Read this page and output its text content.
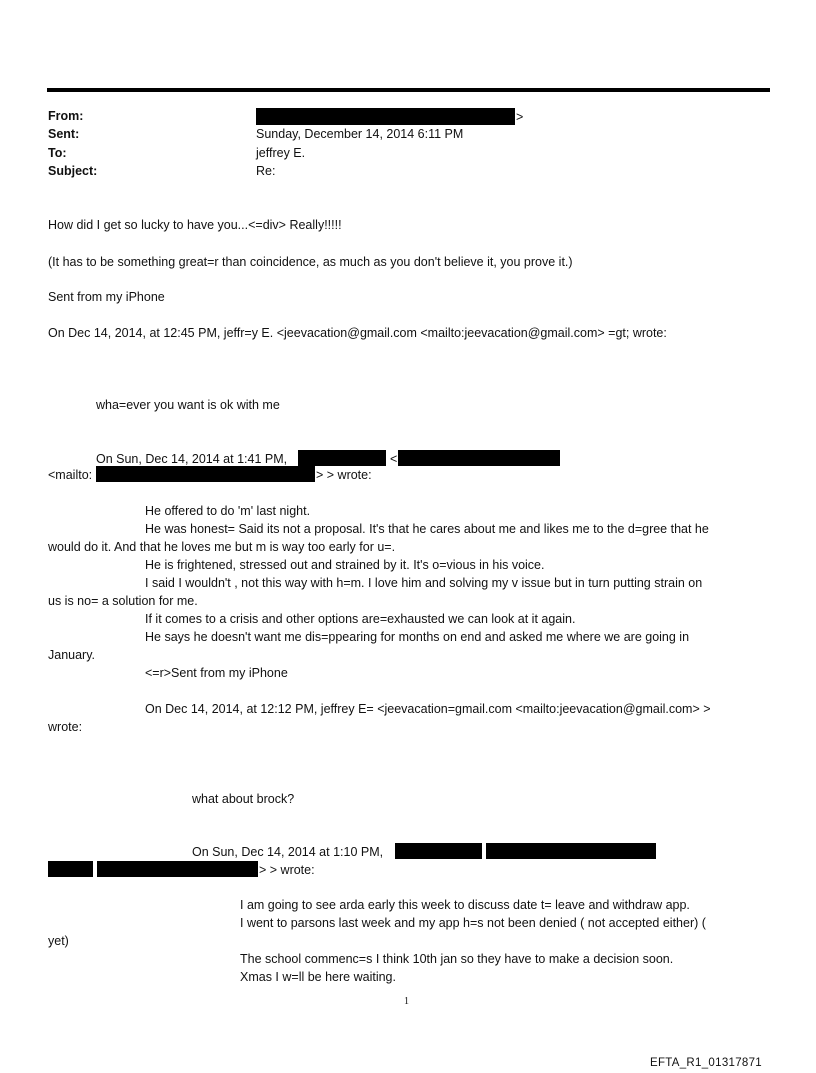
From:	>
Sent:	Sunday, December 14, 2014 6:11 PM
To:	jeffrey E.
Subject:	Re:
How did I get so lucky to have you...<=div> Really!!!!!
(It has to be something great=r than coincidence, as much as you don't believe it, you prove it.)
Sent from my iPhone
On Dec 14, 2014, at 12:45 PM, jeffr=y E. <jeevacation@gmail.com <mailto:jeevacation@gmail.com> =gt; wrote:
wha=ever you want is ok with me
On Sun, Dec 14, 2014 at 1:41 PM,	<
<mailto:	> > wrote:
He offered to do 'm' last night.
He was honest= Said its not a proposal. It's that he cares about me and likes me to the d=gree that he
would do it. And that he loves me but m is way too early for u=.
He is frightened, stressed out and strained by it. It's o=vious in his voice.
I said I wouldn't , not this way with h=m. I love him and solving my v issue but in turn putting strain on
us is no= a solution for me.
If it comes to a crisis and other options are=exhausted we can look at it again.
He says he doesn't want me dis=ppearing for months on end and asked me where we are going in
January.
<=r>Sent from my iPhone
On Dec 14, 2014, at 12:12 PM, jeffrey E= <jeevacation=gmail.com <mailto:jeevacation@gmail.com> >
wrote:
what about brock?
On Sun, Dec 14, 2014 at 1:10 PM,
> > wrote:
I am going to see arda early this week to discuss date t= leave and withdraw app.
I went to parsons last week and my app h=s not been denied ( not accepted either) (
yet)
The school commenc=s I think 10th jan so they have to make a decision soon.
Xmas I w=ll be here waiting.
1
EFTA_R1_01317871
